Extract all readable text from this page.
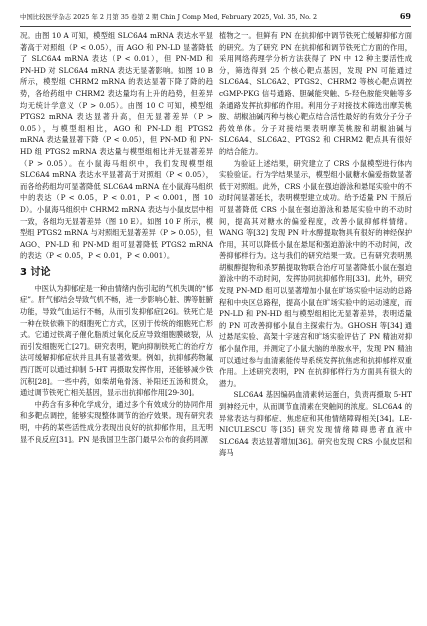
中国比较医学杂志 2025 年 2 月第 35 卷第 2 期 Chin J Comp Med, February 2025, Vol. 35, No. 2	69

况。由图 10 A 可知，模型组 SLC6A4 mRNA 表达水平显著高于对照组（P < 0.05），而 AGO 和 PN-LD 显著降低了 SLC6A4 mRNA 表达（P < 0.01），但 PN-MD 和 PN-HD 对 SLC6A4 mRNA 表达无显著影响。如图 10 B 所示，模型组 CHRM2 mRNA 的表达显著下降了降的趋势，各给药组中 CHRM2 表达量均有上升的趋势，但差异均无统计学意义（P > 0.05）。由图 10 C 可知，模型组 PTGS2 mRNA 表达显著升高，但无显著差异（P > 0.05），与模型组相比，AGO 和 PN-LD 组 PTGS2 mRNA 表达量显著下降（P < 0.05），但 PN-MD 和 PN-HD 组 PTGS2 mRNA 表达量与模型组相比并无显著差异（P > 0.05）。在小鼠海马组织中，我们发现模型组 SLC6A4 mRNA 表达水平显著高于对照组（P < 0.05），而各给药组均可显著降低 SLC6A4 mRNA 在小鼠海马组织中的表达（P < 0.05，P < 0.01，P < 0.001，图 10 D）。小鼠海马组织中 CHRM2 mRNA 表达与小鼠皮层中相一致，各组均无显著差异（图 10 E）。如图 10 F 所示，模型组 PTGS2 mRNA 与对照组无显著差异（P > 0.05），但 AGO、PN-LD 和 PN-MD 组可显著降低 PTGS2 mRNA 的表达（P < 0.05，P < 0.01，P < 0.001）。

3 讨论

中医认为抑郁症是一种由情绪内伤引起的气机失调的“郁症”。肝气郁结会导致气机不畅，进一步影响心脏、脾等脏腑功能，导致气血运行不畅，从而引发抑郁症[26]。铁死亡是一种在铁依赖下的细胞死亡方式，区别于传统的细胞死亡形式。它通过铁离子催化脂质过氧化反应导致细胞膜破裂，从而引发细胞死亡[27]。研究表明，靶向抑制铁死亡的治疗方法可缓解抑郁症状并且具有显著效果。例如，抗抑郁药物氟西汀既可以通过抑制 5-HT 再摄取发挥作用，还能够减少铁沉积[28]。一些中药，如柴胡龟骨汤、补阳还五汤和贯众，通过调节铁死亡相关基因，显示出抗抑郁作用[29-30]。

中药含有多种化学成分，通过多个有效成分的协同作用和多靶点调控，能够实现整体调节的治疗效果。现有研究表明，中药的某些活性成分表现出良好的抗抑郁作用，且无明显不良反应[31]。PN 是我国卫生部门最早公布的食药同源

植物之一。但鲜有 PN 在抗抑郁中调节铁死亡缓解抑郁方面的研究。为了研究 PN 在抗抑郁和调节铁死亡方面的作用，采用网络药理学分析方法获得了 PN 中 12 种主要活性成分，筛选得到 25 个核心靶点基因，发现 PN 可能通过 SLC6A4、SLC6A2、PTGS2、CHRM2 等核心靶点调控 cGMP-PKG 信号通路、胆碱能突触、5-羟色胺能突触等多条通路发挥抗抑郁的作用。利用分子对接技术筛选出摩芙桃胺、胡椒油碱丙种与核心靶点结合活性最好的有效分子分子药效单体。分子对接结果表明摩芙桃胺和胡椒油碱与 SLC6A4、SLC6A2、PTGS2 和 CHRM2 靶点具有很好的结合能力。

为验证上述结果，研究建立了 CRS 小鼠模型进行体内实验验证。行为学结果显示，模型组小鼠糖水偏爱指数显著低于对照组。此外，CRS 小鼠在强迫游泳和悬尾实验中的不动时间显著延长，表明模型建立成功。给予适量 PN 干预后可显著降低 CRS 小鼠在强迫游泳和悬尾实验中的不动时间，提高其对糖水的偏爱程度，改善小鼠抑郁样情绪。WANG 等[32] 发现 PN 叶水醇提取物具有很好的神经保护作用，其可以降低小鼠在悬尾和强迫游泳中的不动时间，改善抑郁样行为。这与我们的研究结果一致。已有研究表明黑胡椒醇提物和杀罗鹅提取物联合治疗可显著降低小鼠在强迫游泳中的不动时间，发挥协同抗抑郁作用[33]。此外，研究发现 PN-MD 组可以显著增加小鼠在旷场实验中运动的总路程和中央区总路程，提高小鼠在旷场实验中的运动速度，而 PN-LD 和 PN-HD 组与模型组相比无显著差异，表明适量的 PN 可改善抑郁小鼠自主探索行为。GHOSH 等[34] 通过悬尾实验、高架十字迷宫和旷场实验评估了 PN 精油对抑郁小鼠作用，并测定了小鼠大脑的单胺水平，发现 PN 精油可以通过参与血清素能传导系统发挥抗焦虑和抗抑郁样双重作用。上述研究表明，PN 在抗抑郁样行为方面具有很大的潜力。

SLC6A4 基因编码血清素转运蛋白，负责再摄取 5-HT 到神经元中，从而调节血清素在突触间的浓度。SLC6A4 的异常表达与抑郁症、焦虑症和其他情绪障碍相关[34]。LE-NICULESCU 等[35] 研究发现情绪障碍患者血液中 SLC6A4 表达显著增加[36]。研究也发现 CRS 小鼠皮层和海马
